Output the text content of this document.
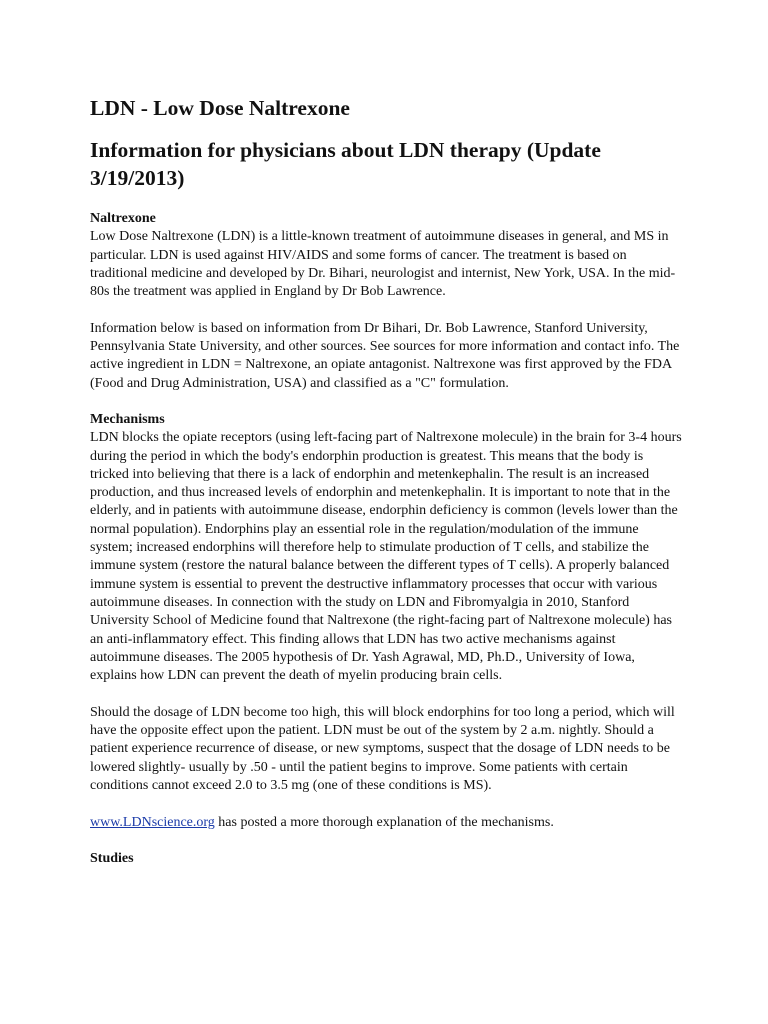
LDN - Low Dose Naltrexone
Information for physicians about LDN therapy (Update 3/19/2013)
Naltrexone

Low Dose Naltrexone (LDN) is a little-known treatment of autoimmune diseases in general, and MS in particular. LDN is used against HIV/AIDS and some forms of cancer. The treatment is based on traditional medicine and developed by Dr. Bihari, neurologist and internist, New York, USA. In the mid-80s the treatment was applied in England by Dr Bob Lawrence.

Information below is based on information from Dr Bihari, Dr. Bob Lawrence, Stanford University, Pennsylvania State University, and other sources. See sources for more information and contact info. The active ingredient in LDN = Naltrexone, an opiate antagonist. Naltrexone was first approved by the FDA (Food and Drug Administration, USA) and classified as a "C" formulation.

Mechanisms

LDN blocks the opiate receptors (using left-facing part of Naltrexone molecule) in the brain for 3-4 hours during the period in which the body's endorphin production is greatest. This means that the body is tricked into believing that there is a lack of endorphin and metenkephalin. The result is an increased production, and thus increased levels of endorphin and metenkephalin. It is important to note that in the elderly, and in patients with autoimmune disease, endorphin deficiency is common (levels lower than the normal population). Endorphins play an essential role in the regulation/modulation of the immune system; increased endorphins will therefore help to stimulate production of T cells, and stabilize the immune system (restore the natural balance between the different types of T cells). A properly balanced immune system is essential to prevent the destructive inflammatory processes that occur with various autoimmune diseases. In connection with the study on LDN and Fibromyalgia in 2010, Stanford University School of Medicine found that Naltrexone (the right-facing part of Naltrexone molecule) has an anti-inflammatory effect. This finding allows that LDN has two active mechanisms against autoimmune diseases. The 2005 hypothesis of Dr. Yash Agrawal, MD, Ph.D., University of Iowa, explains how LDN can prevent the death of myelin producing brain cells.

Should the dosage of LDN become too high, this will block endorphins for too long a period, which will have the opposite effect upon the patient. LDN must be out of the system by 2 a.m. nightly. Should a patient experience recurrence of disease, or new symptoms, suspect that the dosage of LDN needs to be lowered slightly- usually by .50 - until the patient begins to improve. Some patients with certain conditions cannot exceed 2.0 to 3.5 mg (one of these conditions is MS).

www.LDNscience.org has posted a more thorough explanation of the mechanisms.

Studies
